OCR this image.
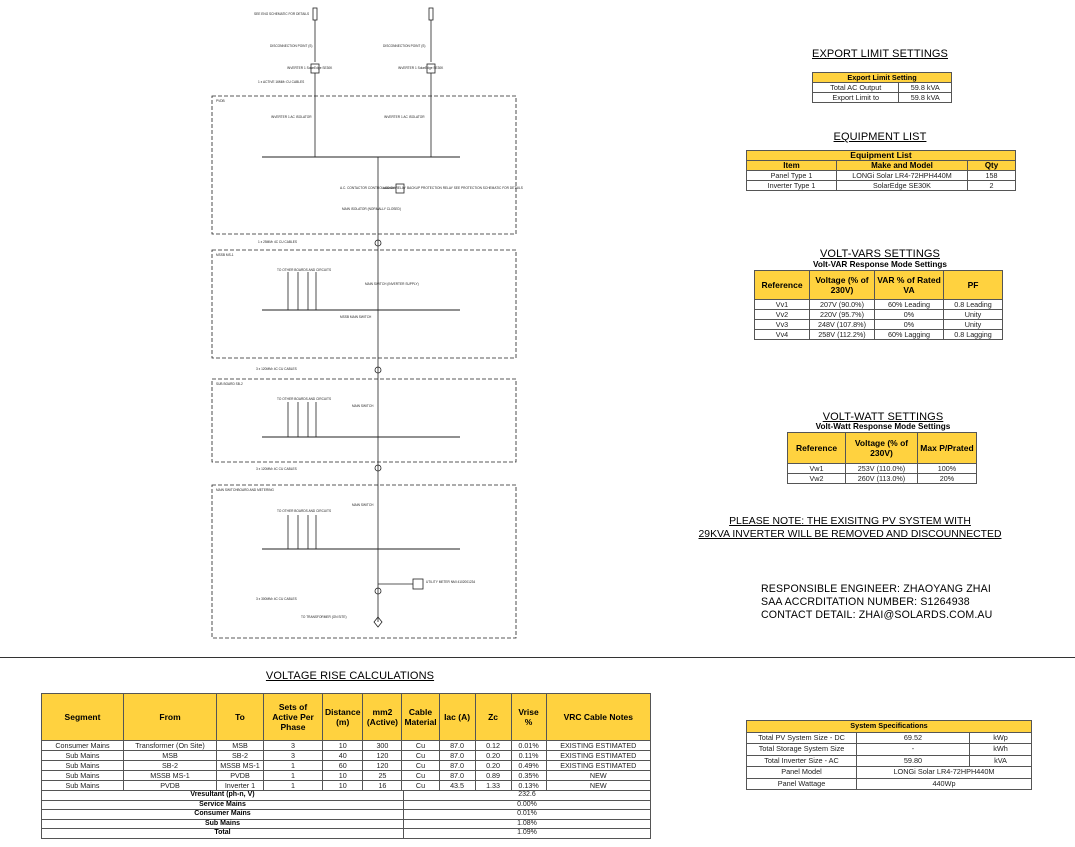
SEE ENG SCHEMATIC FOR DETAILS
DISCONNECTION POINT (S)	DISCONNECTION POINT (S)
INVERTER 1 SolarEdge SE30K	INVERTER 1 SolarEdge SE30K
1 x ACTIVE 16MM² CU CABLES
PVDB
INVERTER 1 AC ISOLATOR	INVERTER 1 AC ISOLATOR
A.C. CONTACTOR CONTROLLED BY RELAY BACKUP PROTECTION RELAY SEE PROTECTION SCHEMATIC FOR DETAILS
MAIN ISOLATOR (NORMALLY CLOSED)
1 x 25MM² 4C CU CABLES
MSSB MS-1
TO OTHER BOARDS AND CIRCUITS
MAIN SWITCH (INVERTER SUPPLY)
MSSB MAIN SWITCH
3 x 120MM² 4C CU CABLES
SUB BOARD SB-2
TO OTHER BOARDS AND CIRCUITS
MAIN SWITCH
3 x 120MM² 4C CU CABLES
MAIN SWITCHBOARD AND METERING
TO OTHER BOARDS AND CIRCUITS
MAIN SWITCH
UTILITY METER NMI 4102001234
3 x 300MM² 4C CU CABLES
TO TRANSFORMER (ON SITE)
EXPORT LIMIT SETTINGS
Export Limit Setting	
Total AC Output	59.8 kVA
Export Limit to	59.8 kVA
EQUIPMENT LIST
Equipment List		
Item	Make and Model	Qty
Panel Type 1	LONGi Solar LR4-72HPH440M	158
Inverter Type 1	SolarEdge SE30K	2
VOLT-VARS SETTINGS
Volt-VAR Response Mode Settings
Reference	Voltage (% of 230V)	VAR % of Rated VA	PF
Vv1	207V (90.0%)	60% Leading	0.8 Leading
Vv2	220V (95.7%)	0%	Unity
Vv3	248V (107.8%)	0%	Unity
Vv4	258V (112.2%)	60% Lagging	0.8 Lagging
VOLT-WATT SETTINGS
Volt-Watt Response Mode Settings
Reference	Voltage (% of 230V)	Max P/Prated
Vw1	253V (110.0%)	100%
Vw2	260V (113.0%)	20%
PLEASE NOTE: THE EXISITNG PV SYSTEM WITH
29KVA INVERTER WILL BE REMOVED AND DISCOUNNECTED
RESPONSIBLE ENGINEER: ZHAOYANG ZHAI
SAA ACCRDITATION NUMBER: S1264938
CONTACT DETAIL: ZHAI@SOLARDS.COM.AU
VOLTAGE RISE CALCULATIONS
Segment	From	To	Sets of Active Per Phase	Distance (m)	mm2 (Active)	Cable Material	Iac (A)	Zc	Vrise %	VRC Cable Notes
Consumer Mains	Transformer (On Site)	MSB	3	10	300	Cu	87.0	0.12	0.01%	EXISTING ESTIMATED
Sub Mains	MSB	SB-2	3	40	120	Cu	87.0	0.20	0.11%	EXISTING ESTIMATED
Sub Mains	SB-2	MSSB MS-1	1	60	120	Cu	87.0	0.20	0.49%	EXISTING ESTIMATED
Sub Mains	MSSB MS-1	PVDB	1	10	25	Cu	87.0	0.89	0.35%	NEW
Sub Mains	PVDB	Inverter 1	1	10	16	Cu	43.5	1.33	0.13%	NEW
Vresultant (ph-n, V)	232.6
Service Mains	0.00%
Consumer Mains	0.01%
Sub Mains	1.08%
Total	1.09%
System Specifications		
Total PV System Size - DC	69.52	kWp
Total Storage System Size	-	kWh
Total Inverter Size - AC	59.80	kVA
Panel Model	LONGi Solar LR4-72HPH440M	
Panel Wattage	440Wp	
